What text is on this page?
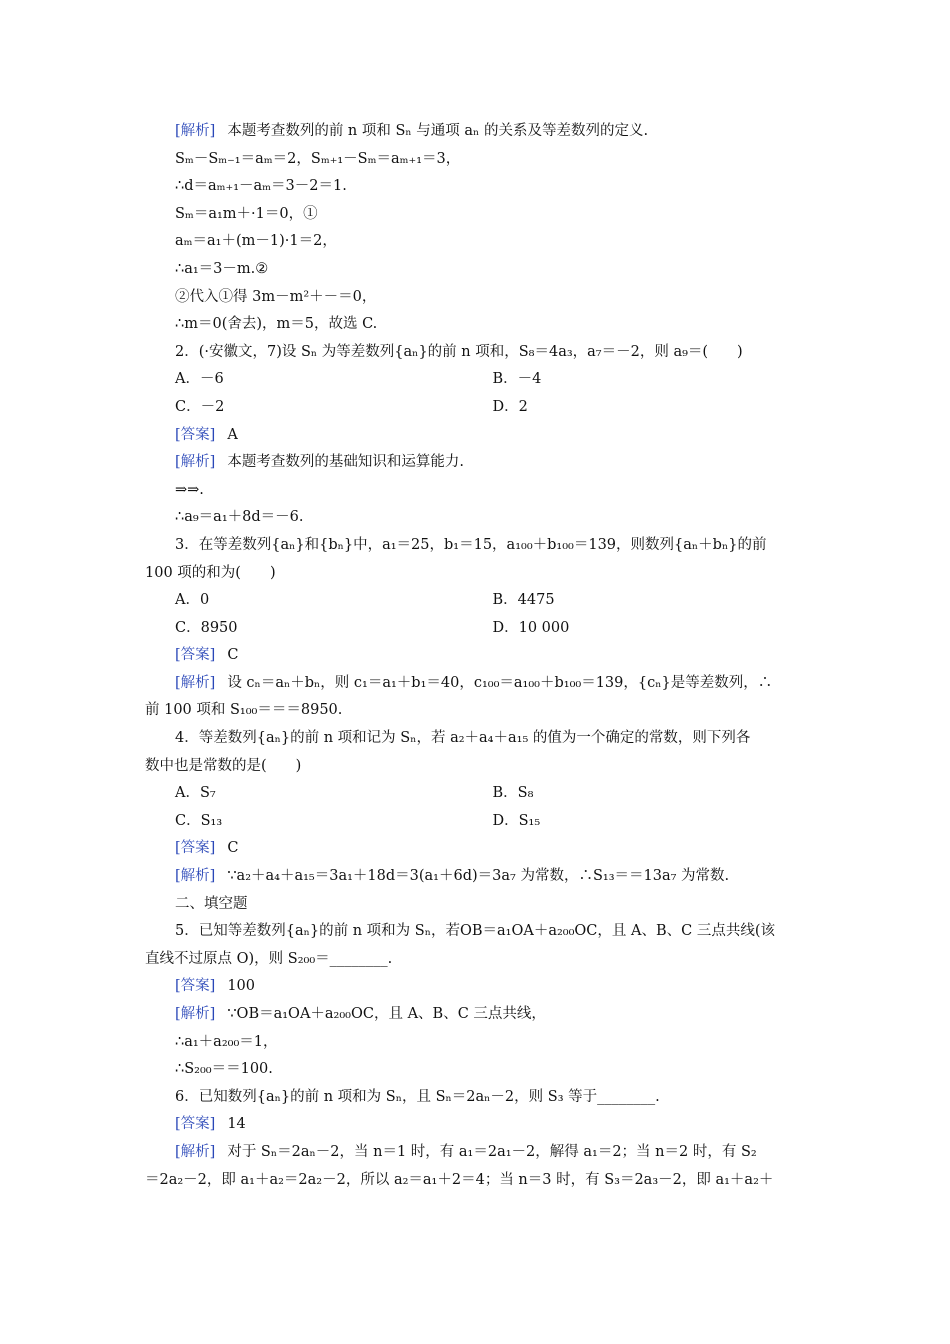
[解析] 本题考查数列的前 n 项和 Sₙ 与通项 aₙ 的关系及等差数列的定义.
Sₘ－Sₘ₋₁＝aₘ＝2，Sₘ₊₁－Sₘ＝aₘ₊₁＝3，
∴d＝aₘ₊₁－aₘ＝3－2＝1.
Sₘ＝a₁m＋·1＝0，①
aₘ＝a₁＋(m－1)·1＝2，
∴a₁＝3－m.②
②代入①得 3m－m²＋－＝0，
∴m＝0(舍去)，m＝5，故选 C.
2．(·安徽文，7)设 Sₙ 为等差数列{aₙ}的前 n 项和，S₈＝4a₃，a₇＝－2，则 a₉＝(　　)
A．－6	B．－4
C．－2	D．2
[答案] A
[解析] 本题考查数列的基础知识和运算能力.
⇒⇒.
∴a₉＝a₁＋8d＝－6.
3．在等差数列{aₙ}和{bₙ}中，a₁＝25，b₁＝15，a₁₀₀＋b₁₀₀＝139，则数列{aₙ＋bₙ}的前
100 项的和为(　　)
A．0	B．4475
C．8950	D．10 000
[答案] C
[解析] 设 cₙ＝aₙ＋bₙ，则 c₁＝a₁＋b₁＝40，c₁₀₀＝a₁₀₀＋b₁₀₀＝139，{cₙ}是等差数列，∴
前 100 项和 S₁₀₀＝＝＝8950.
4．等差数列{aₙ}的前 n 项和记为 Sₙ，若 a₂＋a₄＋a₁₅ 的值为一个确定的常数，则下列各
数中也是常数的是(　　)
A．S₇	B．S₈
C．S₁₃	D．S₁₅
[答案] C
[解析] ∵a₂＋a₄＋a₁₅＝3a₁＋18d＝3(a₁＋6d)＝3a₇ 为常数，∴S₁₃＝＝13a₇ 为常数.
二、填空题
5．已知等差数列{aₙ}的前 n 项和为 Sₙ，若OB＝a₁OA＋a₂₀₀OC，且 A、B、C 三点共线(该
直线不过原点 O)，则 S₂₀₀＝________.
[答案] 100
[解析] ∵OB＝a₁OA＋a₂₀₀OC，且 A、B、C 三点共线，
∴a₁＋a₂₀₀＝1，
∴S₂₀₀＝＝100.
6．已知数列{aₙ}的前 n 项和为 Sₙ，且 Sₙ＝2aₙ－2，则 S₃ 等于________.
[答案] 14
[解析] 对于 Sₙ＝2aₙ－2，当 n＝1 时，有 a₁＝2a₁－2，解得 a₁＝2；当 n＝2 时，有 S₂
＝2a₂－2，即 a₁＋a₂＝2a₂－2，所以 a₂＝a₁＋2＝4；当 n＝3 时，有 S₃＝2a₃－2，即 a₁＋a₂＋
